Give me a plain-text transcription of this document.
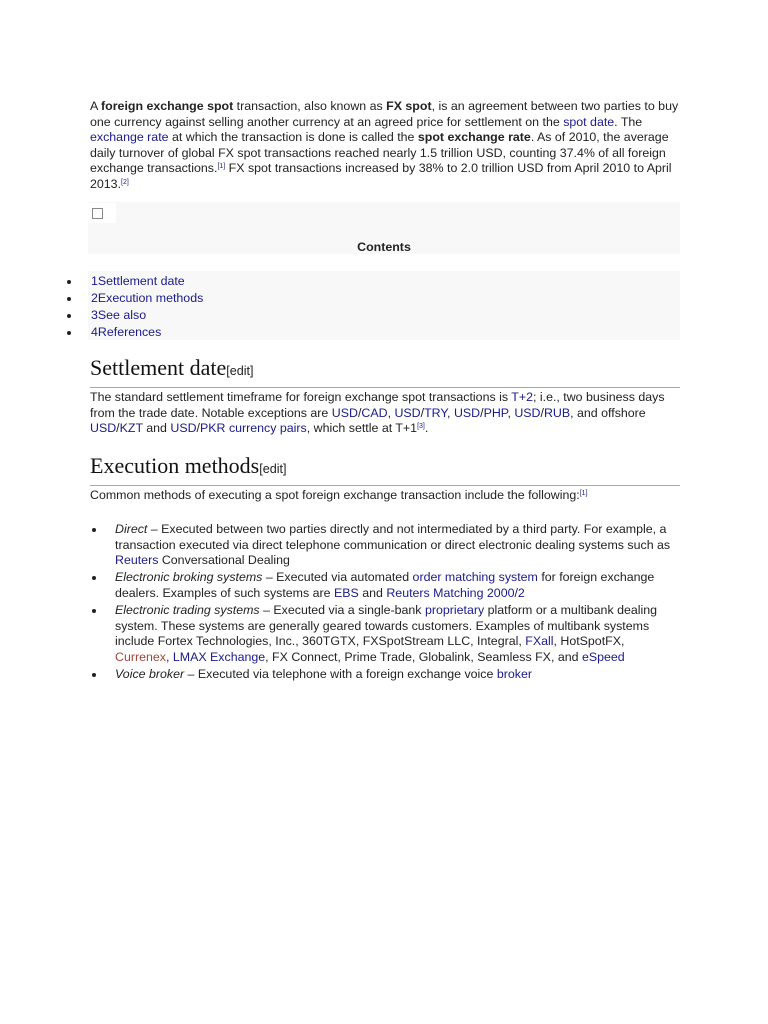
A foreign exchange spot transaction, also known as FX spot, is an agreement between two parties to buy one currency against selling another currency at an agreed price for settlement on the spot date. The exchange rate at which the transaction is done is called the spot exchange rate. As of 2010, the average daily turnover of global FX spot transactions reached nearly 1.5 trillion USD, counting 37.4% of all foreign exchange transactions.[1] FX spot transactions increased by 38% to 2.0 trillion USD from April 2010 to April 2013.[2]

Contents
1Settlement date
2Execution methods
3See also
4References
Settlement date[edit]

The standard settlement timeframe for foreign exchange spot transactions is T+2; i.e., two business days from the trade date. Notable exceptions are USD/CAD, USD/TRY, USD/PHP, USD/RUB, and offshore USD/KZT and USD/PKR currency pairs, which settle at T+1[3].

Execution methods[edit]

Common methods of executing a spot foreign exchange transaction include the following:[1]

Direct – Executed between two parties directly and not intermediated by a third party. For example, a transaction executed via direct telephone communication or direct electronic dealing systems such as Reuters Conversational Dealing
Electronic broking systems – Executed via automated order matching system for foreign exchange dealers. Examples of such systems are EBS and Reuters Matching 2000/2
Electronic trading systems – Executed via a single-bank proprietary platform or a multibank dealing system. These systems are generally geared towards customers. Examples of multibank systems include Fortex Technologies, Inc., 360TGTX, FXSpotStream LLC, Integral, FXall, HotSpotFX, Currenex, LMAX Exchange, FX Connect, Prime Trade, Globalink, Seamless FX, and eSpeed
Voice broker – Executed via telephone with a foreign exchange voice broker
